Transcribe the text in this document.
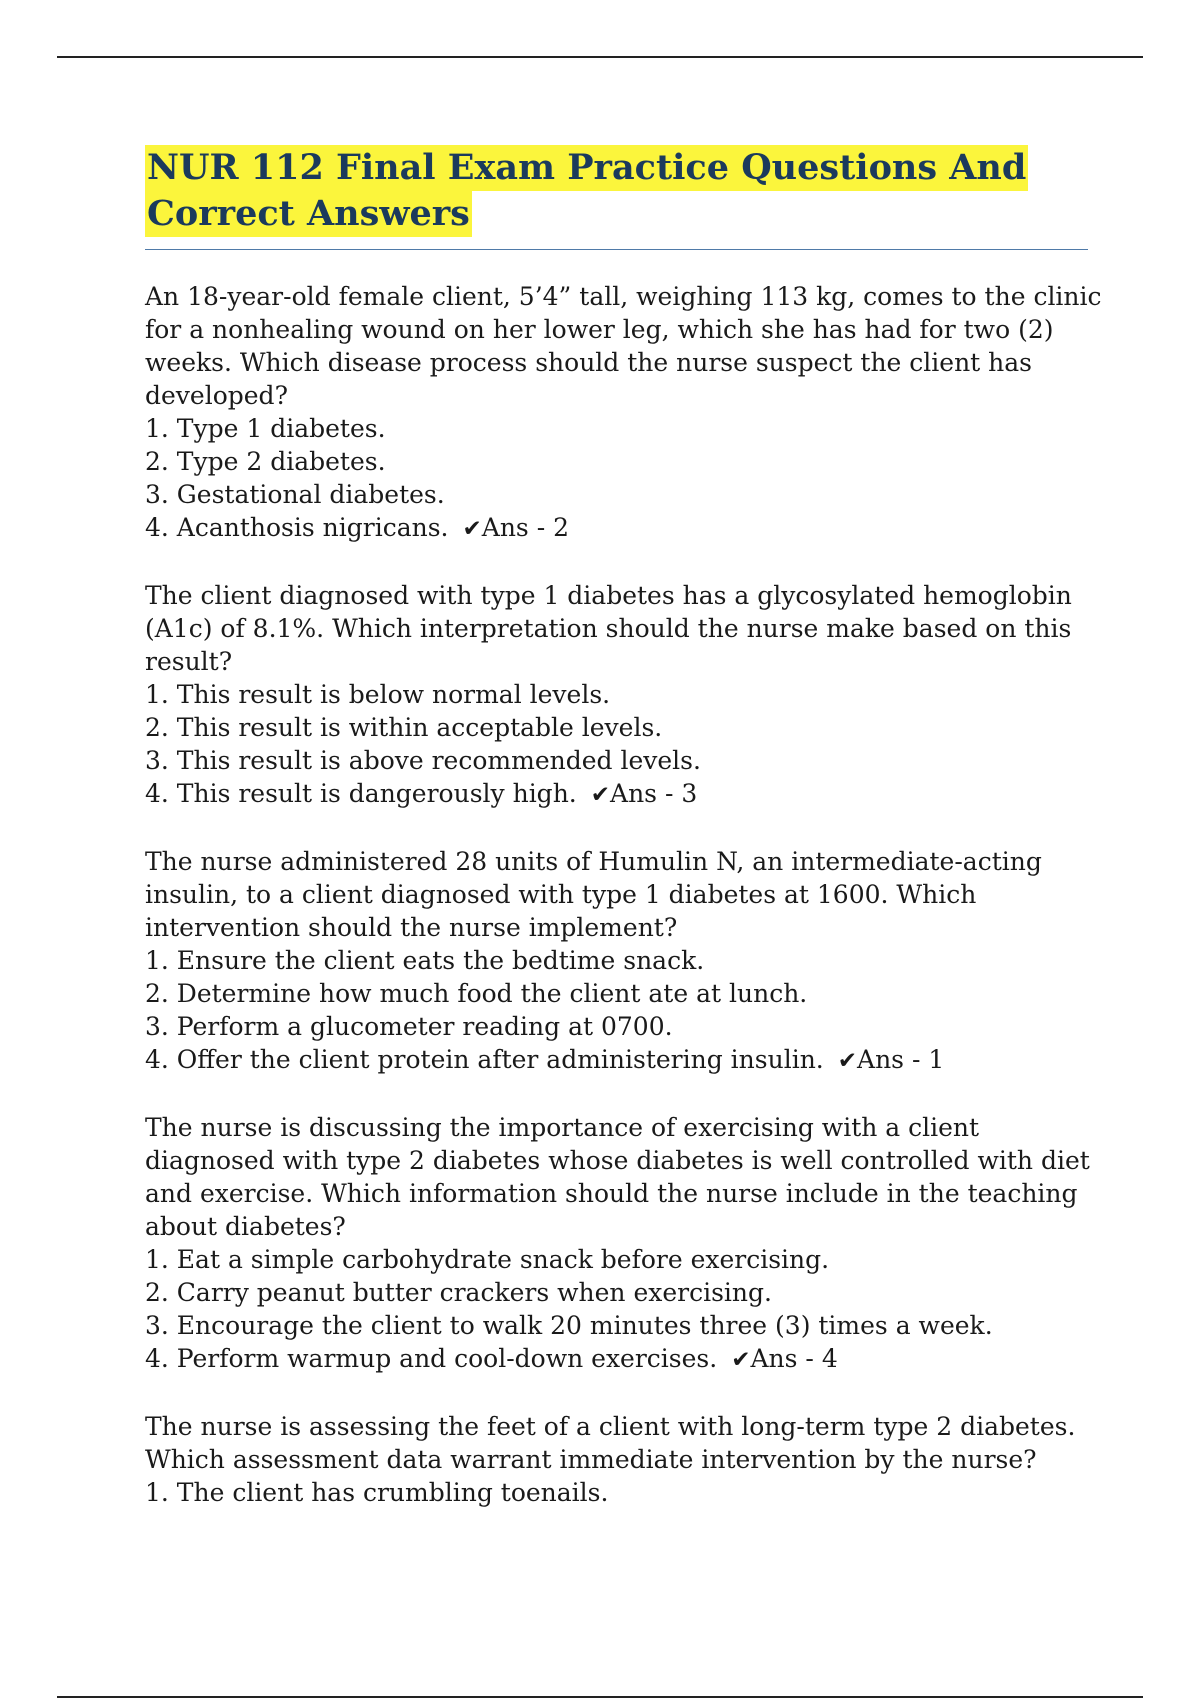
NUR 112 Final Exam Practice Questions And
Correct Answers

An 18-year-old female client, 5’4” tall, weighing 113 kg, comes to the clinic for a nonhealing wound on her lower leg, which she has had for two (2) weeks. Which disease process should the nurse suspect the client has developed?

1. Type 1 diabetes.

2. Type 2 diabetes.

3. Gestational diabetes.

4. Acanthosis nigricans. ✔Ans - 2

The client diagnosed with type 1 diabetes has a glycosylated hemoglobin (A1c) of 8.1%. Which interpretation should the nurse make based on this result?

1. This result is below normal levels.

2. This result is within acceptable levels.

3. This result is above recommended levels.

4. This result is dangerously high. ✔Ans - 3

The nurse administered 28 units of Humulin N, an intermediate-acting insulin, to a client diagnosed with type 1 diabetes at 1600. Which intervention should the nurse implement?

1. Ensure the client eats the bedtime snack.

2. Determine how much food the client ate at lunch.

3. Perform a glucometer reading at 0700.

4. Offer the client protein after administering insulin. ✔Ans - 1

The nurse is discussing the importance of exercising with a client diagnosed with type 2 diabetes whose diabetes is well controlled with diet and exercise. Which information should the nurse include in the teaching about diabetes?

1. Eat a simple carbohydrate snack before exercising.

2. Carry peanut butter crackers when exercising.

3. Encourage the client to walk 20 minutes three (3) times a week.

4. Perform warmup and cool-down exercises. ✔Ans - 4

The nurse is assessing the feet of a client with long-term type 2 diabetes. Which assessment data warrant immediate intervention by the nurse?

1. The client has crumbling toenails.
